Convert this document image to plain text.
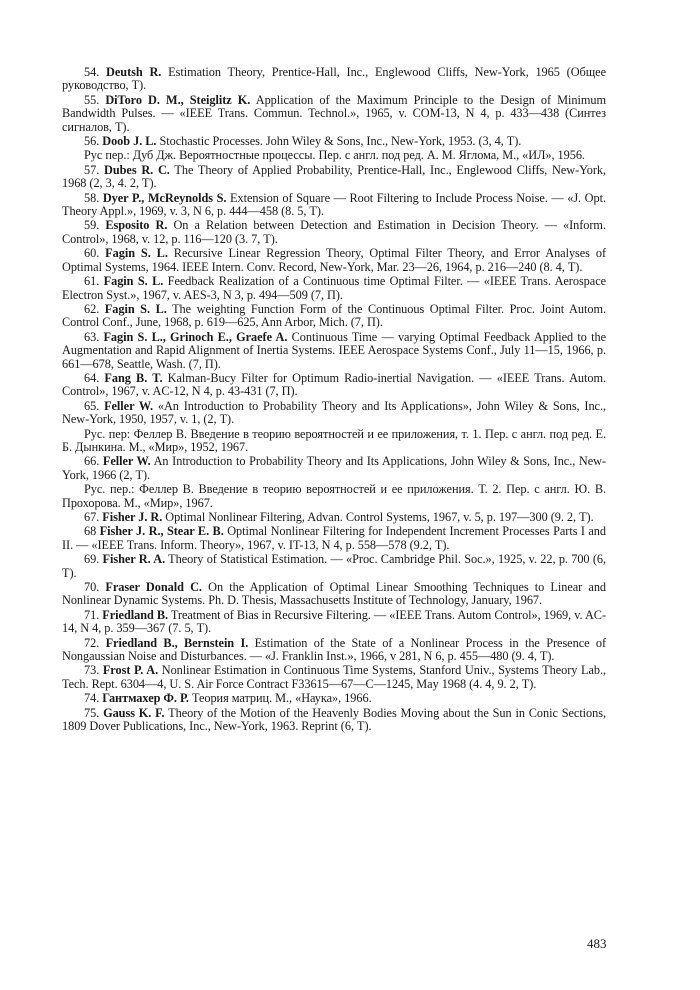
54. Deutsh R. Estimation Theory, Prentice-Hall, Inc., Englewood Cliffs, New-York, 1965 (Общее руководство, Т).

55. DiToro D. M., Steiglitz K. Application of the Maximum Principle to the Design of Minimum Bandwidth Pulses. — «IEEE Trans. Commun. Technol.», 1965, v. COM-13, N 4, p. 433—438 (Синтез сигналов, Т).

56. Doob J. L. Stochastic Processes. John Wiley & Sons, Inc., New-York, 1953. (3, 4, Т).

Рус пер.: Дуб Дж. Вероятностные процессы. Пер. с англ. под ред. А. М. Яглома, М., «ИЛ», 1956.

57. Dubes R. C. The Theory of Applied Probability, Prentice-Hall, Inc., Englewood Cliffs, New-York, 1968 (2, 3, 4. 2, Т).

58. Dyer P., McReynolds S. Extension of Square — Root Filtering to Include Process Noise. — «J. Opt. Theory Appl.», 1969, v. 3, N 6, p. 444—458 (8. 5, Т).

59. Esposito R. On a Relation between Detection and Estimation in Decision Theory. — «Inform. Control», 1968, v. 12, p. 116—120 (3. 7, Т).

60. Fagin S. L. Recursive Linear Regression Theory, Optimal Filter Theory, and Error Analyses of Optimal Systems, 1964. IEEE Intern. Conv. Record, New-York, Mar. 23—26, 1964, p. 216—240 (8. 4, Т).

61. Fagin S. L. Feedback Realization of a Continuous time Optimal Filter. — «IEEE Trans. Aerospace Electron Syst.», 1967, v. AES-3, N 3, p. 494—509 (7, П).

62. Fagin S. L. The weighting Function Form of the Continuous Optimal Filter. Proc. Joint Autom. Control Conf., June, 1968, p. 619—625, Ann Arbor, Mich. (7, П).

63. Fagin S. L., Grinoch E., Graefe A. Continuous Time — varying Optimal Feedback Applied to the Augmentation and Rapid Alignment of Inertia Systems. IEEE Aerospace Systems Conf., July 11—15, 1966, p. 661—678, Seattle, Wash. (7, П).

64. Fang B. T. Kalman-Bucy Filter for Optimum Radio-inertial Navigation. — «IEEE Trans. Autom. Control», 1967, v. AC-12, N 4, p. 43-431 (7, П).

65. Feller W. «An Introduction to Probability Theory and Its Applications», John Wiley & Sons, Inc., New-York, 1950, 1957, v. 1, (2, Т).

Рус. пер: Феллер В. Введение в теорию вероятностей и ее приложения, т. 1. Пер. с англ. под ред. Е. Б. Дынкина. М., «Мир», 1952, 1967.

66. Feller W. An Introduction to Probability Theory and Its Applications, John Wiley & Sons, Inc., New-York, 1966 (2, Т).

Рус. пер.: Феллер В. Введение в теорию вероятностей и ее приложения. Т. 2. Пер. с англ. Ю. В. Прохорова. М., «Мир», 1967.

67. Fisher J. R. Optimal Nonlinear Filtering, Advan. Control Systems, 1967, v. 5, p. 197—300 (9. 2, Т).

68 Fisher J. R., Stear E. B. Optimal Nonlinear Filtering for Independent Increment Processes Parts I and II. — «IEEE Trans. Inform. Theory», 1967, v. IT-13, N 4, p. 558—578 (9.2, Т).

69. Fisher R. A. Theory of Statistical Estimation. — «Proc. Cambridge Phil. Soc.», 1925, v. 22, p. 700 (6, Т).

70. Fraser Donald C. On the Application of Optimal Linear Smoothing Techniques to Linear and Nonlinear Dynamic Systems. Ph. D. Thesis, Massachusetts Institute of Technology, January, 1967.

71. Friedland B. Treatment of Bias in Recursive Filtering. — «IEEE Trans. Autom Control», 1969, v. AC-14, N 4, p. 359—367 (7. 5, Т).

72. Friedland B., Bernstein I. Estimation of the State of a Nonlinear Process in the Presence of Nongaussian Noise and Disturbances. — «J. Franklin Inst.», 1966, v 281, N 6, p. 455—480 (9. 4, Т).

73. Frost P. A. Nonlinear Estimation in Continuous Time Systems, Stanford Univ., Systems Theory Lab., Tech. Rept. 6304—4, U. S. Air Force Contract F33615—67—C—1245, May 1968 (4. 4, 9. 2, Т).

74. Гантмахер Ф. Р. Теория матриц. М., «Наука», 1966.

75. Gauss K. F. Theory of the Motion of the Heavenly Bodies Moving about the Sun in Conic Sections, 1809 Dover Publications, Inc., New-York, 1963. Reprint (6, Т).

483
